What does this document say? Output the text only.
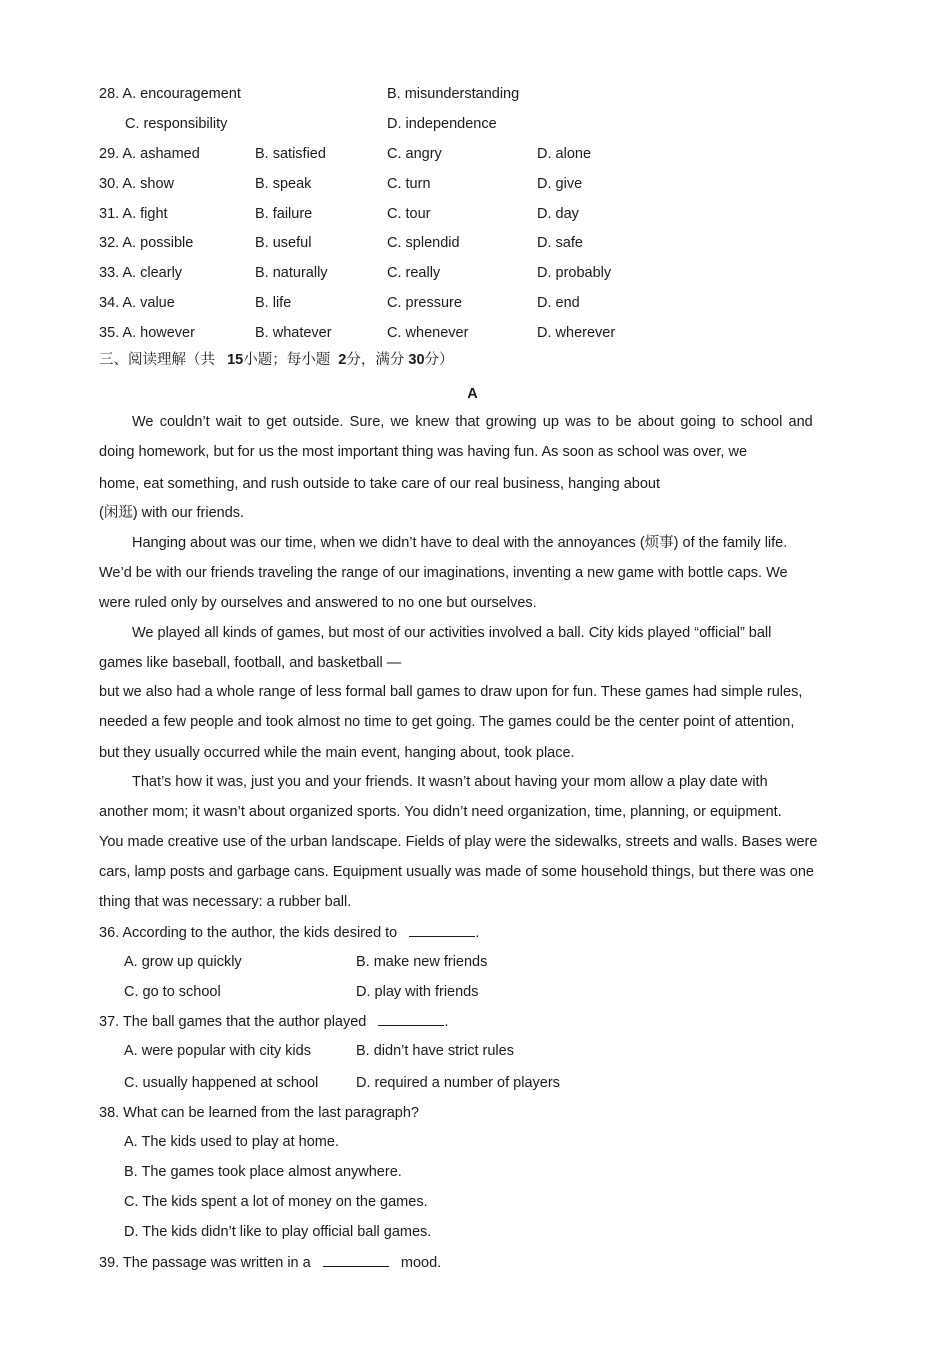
28. A. encouragement	B. misunderstanding
C. responsibility	D. independence
29. A. ashamed	B. satisfied	C. angry	D. alone
30. A. show	B. speak	C. turn	D. give
31. A. fight	B. failure	C. tour	D. day
32. A. possible	B. useful	C. splendid	D. safe
33. A. clearly	B. naturally	C. really	D. probably
34. A. value	B. life	C. pressure	D. end
35. A. however	B. whatever	C. whenever	D. wherever
三、阅读理解（共 15小题；每小题 2分，满分 30分）
A
We couldn’t wait to get outside. Sure, we knew that growing up was to be about going to school and
doing homework, but for us the most important thing was having fun. As soon as school was over, we
home, eat something, and rush outside to take care of our real business, hanging about
(闲逛) with our friends.
Hanging about was our time, when we didn’t have to deal with the annoyances (烦事) of the family life.
We’d be with our friends traveling the range of our imaginations, inventing a new game with bottle caps. We
were ruled only by ourselves and answered to no one but ourselves.
We played all kinds of games, but most of our activities involved a ball. City kids played “official” ball
games like baseball, football, and basketball —
but we also had a whole range of less formal ball games to draw upon for fun. These games had simple rules,
needed a few people and took almost no time to get going. The games could be the center point of attention,
but they usually occurred while the main event, hanging about, took place.
That’s how it was, just you and your friends. It wasn’t about having your mom allow a play date with
another mom; it wasn’t about organized sports. You didn’t need organization, time, planning, or equipment.
You made creative use of the urban landscape. Fields of play were the sidewalks, streets and walls. Bases were
cars, lamp posts and garbage cans. Equipment usually was made of some household things, but there was one
thing that was necessary: a rubber ball.
36. According to the author, the kids desired to	.
A. grow up quickly	B. make new friends
C. go to school	D. play with friends
37. The ball games that the author played	.
A. were popular with city kids	B. didn’t have strict rules
C. usually happened at school	D. required a number of players
38. What can be learned from the last paragraph?
A. The kids used to play at home.
B. The games took place almost anywhere.
C. The kids spent a lot of money on the games.
D. The kids didn’t like to play official ball games.
39. The passage was written in a	mood.
